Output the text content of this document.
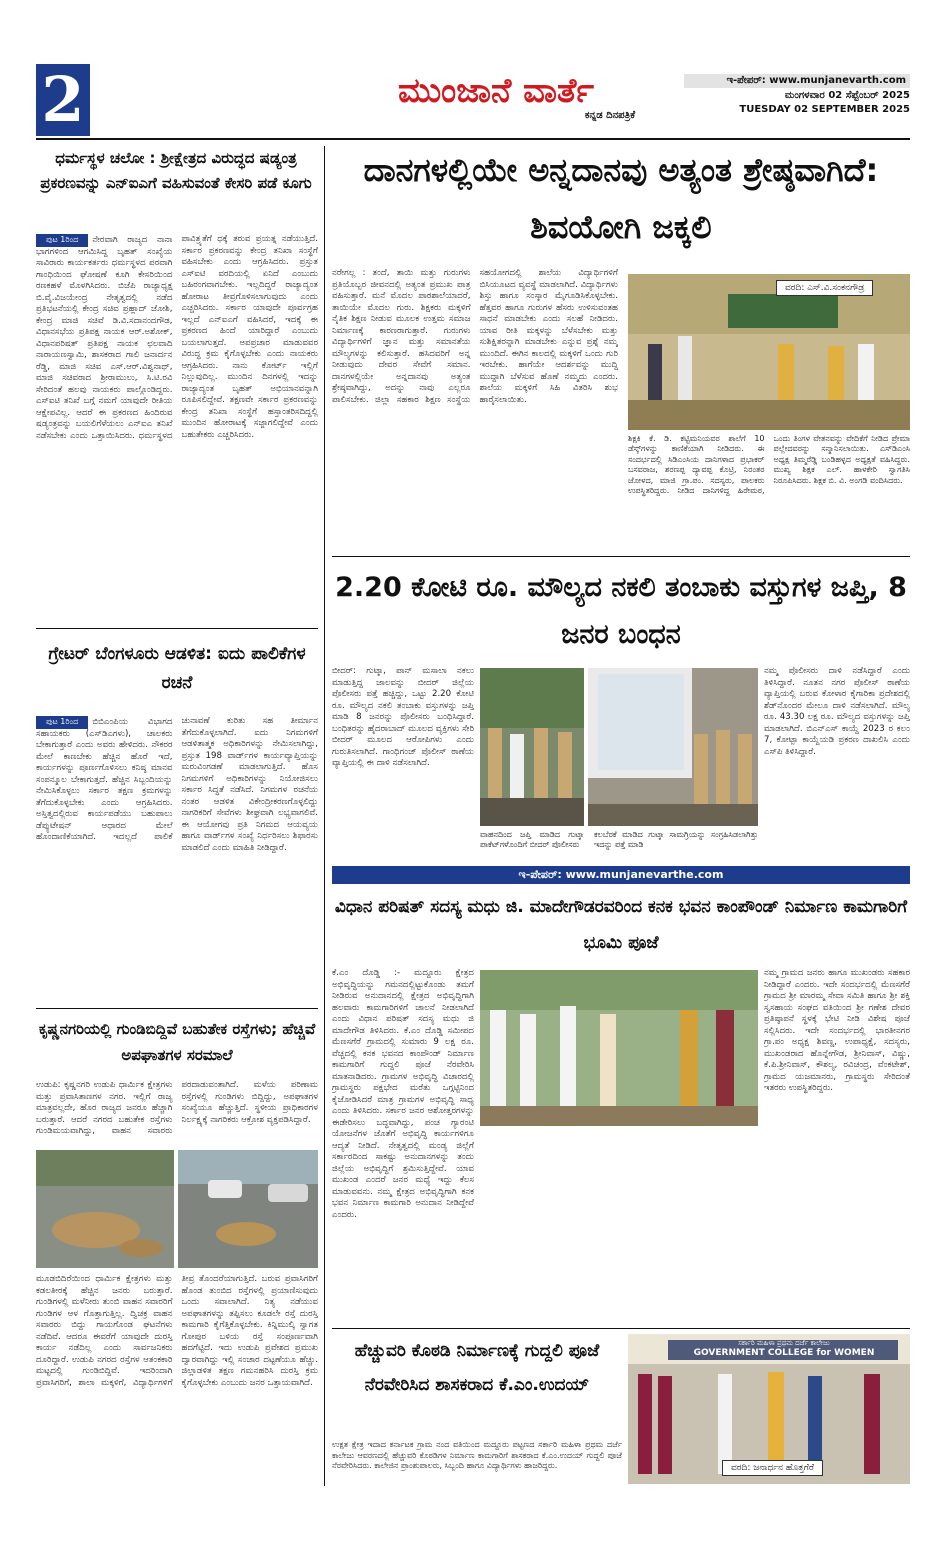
2	ಮುಂಜಾನೆ ವಾರ್ತೆ
ಕನ್ನಡ ದಿನಪತ್ರಿಕೆ
ಇ-ಪೇಪರ್: www.munjanevarth.com
ಮಂಗಳವಾರ 02 ಸೆಪ್ಟೆಂಬರ್ 2025
TUESDAY 02 SEPTEMBER 2025
ಧರ್ಮಸ್ಥಳ ಚಲೋ : ಶ್ರೀಕ್ಷೇತ್ರದ ವಿರುದ್ಧದ ಷಡ್ಯಂತ್ರ ಪ್ರಕರಣವನ್ನು ಎನ್‌ಐಎಗೆ ವಹಿಸುವಂತೆ ಕೇಸರಿ ಪಡೆ ಕೂಗು
ಪುಟ 1ರಿಂದ ನೇರವಾಗಿ ರಾಜ್ಯದ ನಾನಾ ಭಾಗಗಳಿಂದ ಆಗಮಿಸಿದ್ದ ಬೃಹತ್ ಸಂಖ್ಯೆಯ ಸಾವಿರಾರು ಕಾರ್ಯಕರ್ತರು ಧರ್ಮಸ್ಥಳದ ಪರವಾಗಿ ಗಾಂಧಿಯಿಂದ ಘೋಷಣೆ ಕೂಗಿ ಕೇಸರಿಯಿಂದ ರಣಕಹಳೆ ಮೊಳಗಿಸಿದರು. ಬಿಜೆಪಿ ರಾಜ್ಯಾಧ್ಯಕ್ಷ ಬಿ.ವೈ.ವಿಜಯೇಂದ್ರ ನೇತೃತ್ವದಲ್ಲಿ ನಡೆದ ಪ್ರತಿಭಟನೆಯಲ್ಲಿ ಕೇಂದ್ರ ಸಚಿವ ಪ್ರಹ್ಲಾದ್ ಜೋಶಿ, ಕೇಂದ್ರ ಮಾಜಿ ಸಚಿವೆ ಡಿ.ವಿ.ಸದಾನಂದಗೌಡ, ವಿಧಾನಸಭೆಯ ಪ್ರತಿಪಕ್ಷ ನಾಯಕ ಆರ್.ಅಶೋಕ್, ವಿಧಾನಪರಿಷತ್ ಪ್ರತಿಪಕ್ಷ ನಾಯಕ ಛಲವಾದಿ ನಾರಾಯಣಸ್ವಾಮಿ, ಶಾಸಕರಾದ ಗಾಲಿ ಜನಾರ್ದನ ರೆಡ್ಡಿ, ಮಾಜಿ ಸಚಿವ ಎಸ್.ಆರ್.ವಿಶ್ವನಾಥ್, ಮಾಜಿ ಸಚಿವರಾದ ಶ್ರೀರಾಮುಲು, ಸಿ.ಟಿ.ರವಿ ಸೇರಿದಂತೆ ಹಲವು ನಾಯಕರು ಪಾಲ್ಗೊಂಡಿದ್ದರು. ಎಸ್‌ಐಟಿ ತನಿಖೆ ಬಗ್ಗೆ ನಮಗೆ ಯಾವುದೇ ರೀತಿಯ ಆಕ್ಷೇಪವಿಲ್ಲ. ಆದರೆ ಈ ಪ್ರಕರಣದ ಹಿಂದಿರುವ ಷಡ್ಯಂತ್ರವನ್ನು ಬಯಲಿಗೆಳೆಯಲು ಎನ್‌ಐಎ ತನಿಖೆ ನಡೆಸಬೇಕು ಎಂದು ಒತ್ತಾಯಿಸಿದರು. ಧರ್ಮಸ್ಥಳದ ಪಾವಿತ್ರ್ಯತೆಗೆ ಧಕ್ಕೆ ತರುವ ಪ್ರಯತ್ನ ನಡೆಯುತ್ತಿದೆ. ಸರ್ಕಾರ ಪ್ರಕರಣವನ್ನು ಕೇಂದ್ರ ತನಿಖಾ ಸಂಸ್ಥೆಗೆ ವಹಿಸಬೇಕು ಎಂದು ಆಗ್ರಹಿಸಿದರು. ಪ್ರಸ್ತುತ ಎಸ್‌ಐಟಿ ವರದಿಯಲ್ಲಿ ಏನಿದೆ ಎಂಬುದು ಬಹಿರಂಗವಾಗಬೇಕು. ಇಲ್ಲದಿದ್ದರೆ ರಾಜ್ಯಾದ್ಯಂತ ಹೋರಾಟ ತೀವ್ರಗೊಳಿಸಲಾಗುವುದು ಎಂದು ಎಚ್ಚರಿಸಿದರು. ಸರ್ಕಾರ ಯಾವುದೇ ಪೂರ್ವಗ್ರಹ ಇಲ್ಲದೆ ಎನ್‌ಐಎಗೆ ವಹಿಸಿದರೆ, ಇದಕ್ಕೆ ಈ ಪ್ರಕರಣದ ಹಿಂದೆ ಯಾರಿದ್ದಾರೆ ಎಂಬುದು ಬಯಲಾಗುತ್ತದೆ. ಅಪಪ್ರಚಾರ ಮಾಡುವವರ ವಿರುದ್ಧ ಕ್ರಮ ಕೈಗೊಳ್ಳಬೇಕು ಎಂದು ನಾಯಕರು ಆಗ್ರಹಿಸಿದರು. ನಾನು ಕೋರ್ಟ್ ಇಲ್ಲಿಗೆ ನಿಲ್ಲುವುದಿಲ್ಲ. ಮುಂದಿನ ದಿನಗಳಲ್ಲಿ ಇದನ್ನು ರಾಜ್ಯಾದ್ಯಂತ ಬೃಹತ್ ಅಭಿಯಾನವನ್ನಾಗಿ ರೂಪಿಸಲಿದ್ದೇವೆ. ತಕ್ಷಣವೇ ಸರ್ಕಾರ ಪ್ರಕರಣವನ್ನು ಕೇಂದ್ರ ತನಿಖಾ ಸಂಸ್ಥೆಗೆ ಹಸ್ತಾಂತರಿಸದಿದ್ದಲ್ಲಿ ಮುಂದಿನ ಹೋರಾಟಕ್ಕೆ ಸಜ್ಜಾಗಲಿದ್ದೇವೆ ಎಂದು ಬಹುತೇಕರು ಎಚ್ಚರಿಸಿದರು.
ಗ್ರೇಟರ್ ಬೆಂಗಳೂರು ಆಡಳಿತ: ಐದು ಪಾಲಿಕೆಗಳ ರಚನೆ
ಪುಟ 1ರಿಂದ ಬಿಬಿಎಂಪಿಯ ವಿಭಾಗದ ಸಹಾಯಕರು (ಎಸ್‌ಡಿಎಗಳು), ಚಾಲಕರು ಬೇಕಾಗುತ್ತಾರೆ ಎಂದು ಅವರು ಹೇಳಿದರು. ನೌಕರರ ಮೇಲೆ ಕಾಣಬೇಕು ಹೆಚ್ಚಿನ ಹೊರೆ ಇದೆ, ಕಾರ್ಯಗಳನ್ನು ಪೂರ್ಣಗೊಳಿಸಲು ಕನಿಷ್ಠ ಮಾನವ ಸಂಪನ್ಮೂಲ ಬೇಕಾಗುತ್ತದೆ. ಹೆಚ್ಚಿನ ಸಿಬ್ಬಂದಿಯನ್ನು ನೇಮಿಸಿಕೊಳ್ಳಲು ಸರ್ಕಾರ ತಕ್ಷಣ ಕ್ರಮಗಳನ್ನು ತೆಗೆದುಕೊಳ್ಳಬೇಕು ಎಂದು ಆಗ್ರಹಿಸಿದರು. ಅಸ್ತಿತ್ವದಲ್ಲಿರುವ ಕಾರ್ಯಪಡೆಯು ಬಹುಪಾಲು ಡೆಪ್ಯುಟೇಷನ್ ಆಧಾರದ ಮೇಲೆ ಹೊಂದಾಣಿಕೆಯಾಗಿದೆ. ಇದಲ್ಲದೆ ಪಾಲಿಕೆ ಚುನಾವಣೆ ಕುರಿತು ಸಹ ತೀರ್ಮಾನ ತೆಗೆದುಕೊಳ್ಳಲಾಗಿದೆ. ಐದು ನಿಗಮಗಳಿಗೆ ಆಡಳಿತಾತ್ಮಕ ಅಧಿಕಾರಿಗಳನ್ನು ನೇಮಿಸಲಾಗಿದ್ದು, ಪ್ರಸ್ತುತ 198 ವಾರ್ಡ್‌ಗಳ ಕಾರ್ಯವ್ಯಾಪ್ತಿಯನ್ನು ಮರುವಿಂಗಡಣೆ ಮಾಡಲಾಗುತ್ತಿದೆ. ಹೊಸ ನಿಗಮಗಳಿಗೆ ಅಧಿಕಾರಿಗಳನ್ನು ನಿಯೋಜಿಸಲು ಸರ್ಕಾರ ಸಿದ್ಧತೆ ನಡೆಸಿದೆ. ನಿಗಮಗಳ ರಚನೆಯ ನಂತರ ಆಡಳಿತ ವಿಕೇಂದ್ರೀಕರಣಗೊಳ್ಳಲಿದ್ದು ನಾಗರಿಕರಿಗೆ ಸೇವೆಗಳು ಶೀಘ್ರವಾಗಿ ಲಭ್ಯವಾಗಲಿವೆ. ಈ ಆಯೋಗವು ಪ್ರತಿ ನಿಗಮದ ಆಯವ್ಯಯ ಹಾಗೂ ವಾರ್ಡ್‌ಗಳ ಸಂಖ್ಯೆ ನಿರ್ಧರಿಸಲು ಶಿಫಾರಸು ಮಾಡಲಿದೆ ಎಂದು ಮಾಹಿತಿ ನೀಡಿದ್ದಾರೆ.
ಕೃಷ್ಣನಗರಿಯಲ್ಲಿ ಗುಂಡಿಬಿದ್ದಿವೆ ಬಹುತೇಕ ರಸ್ತೆಗಳು; ಹೆಚ್ಚಿವೆ ಅಪಘಾತಗಳ ಸರಮಾಲೆ
ಉಡುಪಿ: ಕೃಷ್ಣನಗರಿ ಉಡುಪಿ ಧಾರ್ಮಿಕ ಕ್ಷೇತ್ರಗಳು ಮತ್ತು ಪ್ರವಾಸಿತಾಣಗಳ ನಗರ. ಇಲ್ಲಿಗೆ ರಾಜ್ಯ ಮಾತ್ರವಲ್ಲದೇ, ಹೊರ ರಾಜ್ಯದ ಜನರೂ ಹೆಚ್ಚಾಗಿ ಬರುತ್ತಾರೆ. ಆದರೆ ನಗರದ ಬಹುತೇಕ ರಸ್ತೆಗಳು ಗುಂಡಿಮಯವಾಗಿದ್ದು, ವಾಹನ ಸವಾರರು ಪರದಾಡುವಂತಾಗಿದೆ. ಮಳೆಯ ಪರಿಣಾಮ ರಸ್ತೆಗಳಲ್ಲಿ ಗುಂಡಿಗಳು ಬಿದ್ದಿದ್ದು, ಅಪಘಾತಗಳ ಸಂಖ್ಯೆಯೂ ಹೆಚ್ಚುತ್ತಿದೆ. ಸ್ಥಳೀಯ ಪ್ರಾಧಿಕಾರಗಳ ನಿರ್ಲಕ್ಷ್ಯಕ್ಕೆ ನಾಗರಿಕರು ಆಕ್ರೋಶ ವ್ಯಕ್ತಪಡಿಸಿದ್ದಾರೆ.
ಮೂಡಬಿದಿರೆಯಿಂದ ಧಾರ್ಮಿಕ ಕ್ಷೇತ್ರಗಳು ಮತ್ತು ಕಡಲತೀರಕ್ಕೆ ಹೆಚ್ಚಿನ ಜನರು ಬರುತ್ತಾರೆ. ಗುಂಡಿಗಳಲ್ಲಿ ಮಳೆನೀರು ತುಂಬಿ ವಾಹನ ಸವಾರರಿಗೆ ಗುಂಡಿಗಳ ಆಳ ಗೊತ್ತಾಗುತ್ತಿಲ್ಲ. ದ್ವಿಚಕ್ರ ವಾಹನ ಸವಾರರು ಬಿದ್ದು ಗಾಯಗೊಂಡ ಘಟನೆಗಳು ನಡೆದಿವೆ. ಆದರೂ ಈವರೆಗೆ ಯಾವುದೇ ದುರಸ್ತಿ ಕಾರ್ಯ ನಡೆದಿಲ್ಲ ಎಂದು ಸಾರ್ವಜನಿಕರು ದೂರಿದ್ದಾರೆ. ಉಡುಪಿ ನಗರದ ರಸ್ತೆಗಳ ಆತಂಕಕಾರಿ ಮಟ್ಟದಲ್ಲಿ ಗುಂಡಿಬಿದ್ದಿವೆ. ಇದರಿಂದಾಗಿ ಪ್ರವಾಸಿಗರಿಗೆ, ಶಾಲಾ ಮಕ್ಕಳಿಗೆ, ವಿದ್ಯಾರ್ಥಿಗಳಿಗೆ ತೀವ್ರ ತೊಂದರೆಯಾಗುತ್ತಿದೆ. ಬರುವ ಪ್ರವಾಸಿಗರಿಗೆ ಹೊಂಡ ತುಂಬಿದ ರಸ್ತೆಗಳಲ್ಲಿ ಪ್ರಯಾಣಿಸುವುದು ಒಂದು ಸವಾಲಾಗಿದೆ. ನಿತ್ಯ ನಡೆಯುವ ಅಪಘಾತಗಳನ್ನು ತಪ್ಪಿಸಲು ಕೂಡಲೇ ರಸ್ತೆ ದುರಸ್ತಿ ಕಾಮಗಾರಿ ಕೈಗೆತ್ತಿಕೊಳ್ಳಬೇಕು. ಕಿನ್ನಿಮುಲ್ಕಿ ಸ್ವಾಗತ ಗೋಪುರ ಬಳಿಯ ರಸ್ತೆ ಸಂಪೂರ್ಣವಾಗಿ ಹದಗೆಟ್ಟಿದೆ. ಇದು ಉಡುಪಿ ಪ್ರವೇಶದ ಪ್ರಮುಖ ದ್ವಾರವಾಗಿದ್ದು ಇಲ್ಲಿ ಸಂಚಾರ ದಟ್ಟಣೆಯೂ ಹೆಚ್ಚು. ಜಿಲ್ಲಾಡಳಿತ ತಕ್ಷಣ ಗಮನಹರಿಸಿ ದುರಸ್ತಿ ಕ್ರಮ ಕೈಗೊಳ್ಳಬೇಕು ಎಂಬುದು ಜನರ ಒತ್ತಾಯವಾಗಿದೆ.
ದಾನಗಳಲ್ಲಿಯೇ ಅನ್ನದಾನವು ಅತ್ಯಂತ ಶ್ರೇಷ್ಠವಾಗಿದೆ: ಶಿವಯೋಗಿ ಜಕ್ಕಲಿ
ನರೇಗಲ್ಲ : ತಂದೆ, ತಾಯಿ ಮತ್ತು ಗುರುಗಳು ಪ್ರತಿಯೊಬ್ಬರ ಜೀವನದಲ್ಲಿ ಅತ್ಯಂತ ಪ್ರಮುಖ ಪಾತ್ರ ವಹಿಸುತ್ತಾರೆ. ಮನೆ ಮೊದಲ ಪಾಠಶಾಲೆಯಾದರೆ, ತಾಯಿಯೇ ಮೊದಲ ಗುರು. ಶಿಕ್ಷಕರು ಮಕ್ಕಳಿಗೆ ನೈತಿಕ ಶಿಕ್ಷಣ ನೀಡುವ ಮೂಲಕ ಉತ್ತಮ ಸಮಾಜ ನಿರ್ಮಾಣಕ್ಕೆ ಕಾರಣರಾಗುತ್ತಾರೆ. ಗುರುಗಳು ವಿದ್ಯಾರ್ಥಿಗಳಿಗೆ ಜ್ಞಾನ ಮತ್ತು ಸಮಾನತೆಯ ಮೌಲ್ಯಗಳನ್ನು ಕಲಿಸುತ್ತಾರೆ. ಹಸಿದವರಿಗೆ ಅನ್ನ ನೀಡುವುದು ದೇವರ ಸೇವೆಗೆ ಸಮಾನ. ದಾನಗಳಲ್ಲಿಯೇ ಅನ್ನದಾನವು ಅತ್ಯಂತ ಶ್ರೇಷ್ಠವಾಗಿದ್ದು, ಅದನ್ನು ನಾವು ಎಲ್ಲರೂ ಪಾಲಿಸಬೇಕು. ಜಿಲ್ಲಾ ಸಹಕಾರ ಶಿಕ್ಷಣ ಸಂಸ್ಥೆಯ ಸಹಯೋಗದಲ್ಲಿ ಶಾಲೆಯ ವಿದ್ಯಾರ್ಥಿಗಳಿಗೆ ಬಿಸಿಯೂಟದ ವ್ಯವಸ್ಥೆ ಮಾಡಲಾಗಿದೆ. ವಿದ್ಯಾರ್ಥಿಗಳು ಶಿಸ್ತು ಹಾಗೂ ಸಂಸ್ಕಾರ ಮೈಗೂಡಿಸಿಕೊಳ್ಳಬೇಕು. ಹೆತ್ತವರ ಹಾಗೂ ಗುರುಗಳ ಹೆಸರು ಉಳಿಸುವಂತಹ ಸಾಧನೆ ಮಾಡಬೇಕು ಎಂದು ಸಲಹೆ ನೀಡಿದರು. ಯಾವ ರೀತಿ ಮಕ್ಕಳನ್ನು ಬೆಳೆಸಬೇಕು ಮತ್ತು ಸುಶಿಕ್ಷಿತರನ್ನಾಗಿ ಮಾಡಬೇಕು ಎನ್ನುವ ಪ್ರಶ್ನೆ ನಮ್ಮ ಮುಂದಿದೆ. ಈಗಿನ ಕಾಲದಲ್ಲಿ ಮಕ್ಕಳಿಗೆ ಒಂದು ಗುರಿ ಇರಬೇಕು. ಹಾಗೆಯೇ ಆದರ್ಶವನ್ನು ಮುದ್ದಿ ಮುದ್ದಾಗಿ ಬೆಳೆಸುವ ಹೊಣೆ ನಮ್ಮದು ಎಂದರು. ಶಾಲೆಯ ಮಕ್ಕಳಿಗೆ ಸಿಹಿ ವಿತರಿಸಿ ಶುಭ ಹಾರೈಸಲಾಯಿತು.
ವರದಿ: ಎಸ್.ವಿ.ಸಂಕನಗೌಡ್ರ
ಶಿಕ್ಷಕಿ ಕೆ. ಡಿ. ಕಟ್ಟಿಮನಿಯವರ ಶಾಲೆಗೆ 10 ಡೆಸ್ಕ್‌ಗಳನ್ನು ಕಾಣಿಕೆಯಾಗಿ ನೀಡಿದರು. ಈ ಸಂದರ್ಭದಲ್ಲಿ ಸಿಡಿಎಂಸಿಯ ದಾನಿಗಳಾದ ಪ್ರಭಾಕರ್ ಬಸವರಾಜ, ಶರಣಪ್ಪ ದ್ಯಾವಪ್ಪ ಕೊಟ್ರಿ, ನಿರಂತರ ಜೋಳದ, ಮಾಜಿ ಗ್ರಾ.ಪಂ. ಸದಸ್ಯರು, ಪಾಲಕರು ಉಪಸ್ಥಿತರಿದ್ದರು. ನೀಡಿದ ದಾನಿಗಳಿದ್ದ ಹಿರೇಮಠ, ಒಂದು ತಿಂಗಳ ವೇತನವನ್ನು ವೇದಿಕೆಗೆ ನೀಡಿದ ಪ್ರೇಮಾ ಪಲ್ಲೇದವರನ್ನು ಸನ್ಮಾನಿಸಲಾಯಿತು. ಎಸ್‌ಡಿಎಂಸಿ ಅಧ್ಯಕ್ಷ ತಿಮ್ಮರೆಡ್ಡಿ ಬಂಡಿಹಳ್ಳದ ಅಧ್ಯಕ್ಷತೆ ವಹಿಸಿದ್ದರು. ಮುಖ್ಯ ಶಿಕ್ಷಕ ಎಲ್. ಹಾಳಕೇರಿ ಸ್ವಾಗತಿಸಿ ನಿರೂಪಿಸಿದರು. ಶಿಕ್ಷಕ ಬಿ. ವಿ. ಅಂಗಡಿ ವಂದಿಸಿದರು.
2.20 ಕೋಟಿ ರೂ. ಮೌಲ್ಯದ ನಕಲಿ ತಂಬಾಕು ವಸ್ತುಗಳ ಜಪ್ತಿ, 8 ಜನರ ಬಂಧನ
ಬೀದರ್: ಗುಟ್ಕಾ, ಪಾನ್ ಮಸಾಲಾ ನಕಲು ಮಾಡುತ್ತಿದ್ದ ಜಾಲವನ್ನು ಬೀದರ್ ಜಿಲ್ಲೆಯ ಪೊಲೀಸರು ಪತ್ತೆ ಹಚ್ಚಿದ್ದು, ಒಟ್ಟು 2.20 ಕೋಟಿ ರೂ. ಮೌಲ್ಯದ ನಕಲಿ ತಂಬಾಕು ವಸ್ತುಗಳನ್ನು ಜಪ್ತಿ ಮಾಡಿ 8 ಜನರನ್ನು ಪೊಲೀಸರು ಬಂಧಿಸಿದ್ದಾರೆ. ಬಂಧಿತರನ್ನು ಹೈದರಾಬಾದ್ ಮೂಲದ ವ್ಯಕ್ತಿಗಳು ಸೇರಿ ಬೀದರ್ ಮೂಲದ ಆರೋಪಿಗಳು ಎಂದು ಗುರುತಿಸಲಾಗಿದೆ. ಗಾಂಧಿಗಂಜ್ ಪೊಲೀಸ್ ಠಾಣೆಯ ವ್ಯಾಪ್ತಿಯಲ್ಲಿ ಈ ದಾಳಿ ನಡೆಸಲಾಗಿದೆ.
ವಾಹನದಿಂದ ಜಪ್ತಿ ಮಾಡಿದ ಗುಟ್ಕಾ ಪಾಕೆಟ್‌ಗಳೊಂದಿಗೆ ಬೀದರ್ ಪೊಲೀಸರು
ಕಲಬೆರಕೆ ಮಾಡಿದ ಗುಟ್ಕಾ ಸಾಮಗ್ರಿಯನ್ನು ಸಂಗ್ರಹಿಸಿಡಲಾಗಿತ್ತು ಇದನ್ನು ಪತ್ತೆ ಮಾಡಿ
ನಮ್ಮ ಪೊಲೀಸರು ದಾಳಿ ನಡೆಸಿದ್ದಾರೆ ಎಂದು ತಿಳಿಸಿದ್ದಾರೆ. ನೂತನ ನಗರ ಪೊಲೀಸ್ ಠಾಣೆಯ ವ್ಯಾಪ್ತಿಯಲ್ಲಿ ಬರುವ ಕೋಳಾರ ಕೈಗಾರಿಕಾ ಪ್ರದೇಶದಲ್ಲಿ ಶೆಡ್‌ನೊಂದರ ಮೇಲೂ ದಾಳಿ ನಡೆಸಲಾಗಿದೆ. ಮೌಲ್ಯ ರೂ. 43.30 ಲಕ್ಷ ರೂ. ಮೌಲ್ಯದ ವಸ್ತುಗಳನ್ನು ಜಪ್ತಿ ಮಾಡಲಾಗಿದೆ. ಬಿಎನ್‌ಎಸ್ ಕಾಯ್ದೆ 2023 ರ ಕಲಂ 7, ಕೋಟ್ಪಾ ಕಾಯ್ದೆಯಡಿ ಪ್ರಕರಣ ದಾಖಲಿಸಿ ಎಂದು ಎಸ್‌ಪಿ ತಿಳಿಸಿದ್ದಾರೆ.
ಇ-ಪೇಪರ್: www.munjanevarthe.com
ವಿಧಾನ ಪರಿಷತ್ ಸದಸ್ಯ ಮಧು ಜಿ. ಮಾದೇಗೌಡರವರಿಂದ ಕನಕ ಭವನ ಕಾಂಪೌಂಡ್ ನಿರ್ಮಾಣ ಕಾಮಗಾರಿಗೆ ಭೂಮಿ ಪೂಜೆ
ಕೆ.ಎಂ ದೊಡ್ಡಿ :- ಮದ್ದೂರು ಕ್ಷೇತ್ರದ ಅಭಿವೃದ್ಧಿಯನ್ನು ಗಮನದಲ್ಲಿಟ್ಟುಕೊಂಡು ತಮಗೆ ನೀಡಿರುವ ಅನುದಾನದಲ್ಲಿ ಕ್ಷೇತ್ರದ ಅಭಿವೃದ್ಧಿಗಾಗಿ ಹಲವಾರು ಕಾಮಗಾರಿಗಳಿಗೆ ಚಾಲನೆ ನೀಡಲಾಗಿದೆ ಎಂದು ವಿಧಾನ ಪರಿಷತ್ ಸದಸ್ಯ ಮಧು ಜಿ ಮಾದೇಗೌಡ ತಿಳಿಸಿದರು. ಕೆ.ಎಂ ದೊಡ್ಡಿ ಸಮೀಪದ ಮೆಣಸಗೆರೆ ಗ್ರಾಮದಲ್ಲಿ ಸುಮಾರು 9 ಲಕ್ಷ ರೂ. ವೆಚ್ಚದಲ್ಲಿ ಕನಕ ಭವನದ ಕಾಂಪೌಂಡ್ ನಿರ್ಮಾಣ ಕಾಮಗಾರಿಗೆ ಗುದ್ದಲಿ ಪೂಜೆ ನೆರವೇರಿಸಿ ಮಾತನಾಡಿದರು. ಗ್ರಾಮಗಳ ಅಭಿವೃದ್ಧಿ ವಿಚಾರದಲ್ಲಿ ಗ್ರಾಮಸ್ಥರು ಪಕ್ಷಭೇದ ಮರೆತು ಒಗ್ಗಟ್ಟಿನಿಂದ ಕೈಜೋಡಿಸಿದರೆ ಮಾತ್ರ ಗ್ರಾಮಗಳ ಅಭಿವೃದ್ಧಿ ಸಾಧ್ಯ ಎಂದು ತಿಳಿಸಿದರು. ಸರ್ಕಾರ ಜನರ ಆಶೋತ್ತರಗಳನ್ನು ಈಡೇರಿಸಲು ಬದ್ಧವಾಗಿದ್ದು, ಪಂಚ ಗ್ಯಾರಂಟಿ ಯೋಜನೆಗಳ ಜೊತೆಗೆ ಅಭಿವೃದ್ಧಿ ಕಾರ್ಯಗಳಿಗೂ ಆದ್ಯತೆ ನೀಡಿದೆ. ನೇತೃತ್ವದಲ್ಲಿ ಮಂಡ್ಯ ಜಿಲ್ಲೆಗೆ ಸರ್ಕಾರದಿಂದ ಸಾಕಷ್ಟು ಅನುದಾನಗಳನ್ನು ತಂದು ಜಿಲ್ಲೆಯ ಅಭಿವೃದ್ಧಿಗೆ ಶ್ರಮಿಸುತ್ತಿದ್ದೇವೆ. ಯಾವ ಮುಖಂಡ ಎಂದರೆ ಜನರ ಮಧ್ಯೆ ಇದ್ದು ಕೆಲಸ ಮಾಡುವವನು. ನಮ್ಮ ಕ್ಷೇತ್ರದ ಅಭಿವೃದ್ಧಿಗಾಗಿ ಕನಕ ಭವನ ನಿರ್ಮಾಣ ಕಾಮಗಾರಿ ಅನುದಾನ ನೀಡಿದ್ದೇವೆ ಎಂದರು.
ನಮ್ಮ ಗ್ರಾಮದ ಜನರು ಹಾಗೂ ಮುಖಂಡರು ಸಹಕಾರ ನೀಡಿದ್ದಾರೆ ಎಂದರು. ಇದೇ ಸಂದರ್ಭದಲ್ಲಿ ಮೆಣಸಗೆರೆ ಗ್ರಾಮದ ಶ್ರೀ ಮಾರಮ್ಮ ಸೇವಾ ಸಮಿತಿ ಹಾಗೂ ಶ್ರೀ ಶಕ್ತಿ ಸ್ವಸಹಾಯ ಸಂಘದ ವತಿಯಿಂದ ಶ್ರೀ ಗಣೇಶ ದೇವರ ಪ್ರತಿಷ್ಠಾಪನೆ ಸ್ಥಳಕ್ಕೆ ಭೇಟಿ ನೀಡಿ ವಿಶೇಷ ಪೂಜೆ ಸಲ್ಲಿಸಿದರು. ಇದೇ ಸಂದರ್ಭದಲ್ಲಿ ಭಾರತೀನಗರ ಗ್ರಾ.ಪಂ ಅಧ್ಯಕ್ಷ ಶಿವಣ್ಣ, ಉಪಾಧ್ಯಕ್ಷೆ, ಸದಸ್ಯರು, ಮುಖಂಡರಾದ ಹೊನ್ನೇಗೌಡ, ಶ್ರೀನಿವಾಸ್, ವಿಷ್ಣು, ಕೆ.ಪಿ.ಶ್ರೀನಿವಾಸ್, ಕೌಶಲ್ಯ, ರವಿಚಂದ್ರ, ವೆಂಕಟೇಶ್, ಗ್ರಾಮದ ಯಜಮಾನರು, ಗ್ರಾಮಸ್ಥರು ಸೇರಿದಂತೆ ಇತರರು ಉಪಸ್ಥಿತರಿದ್ದರು.
ಹೆಚ್ಚುವರಿ ಕೊಠಡಿ ನಿರ್ಮಾಣಕ್ಕೆ ಗುದ್ದಲಿ ಪೂಜೆ ನೆರವೇರಿಸಿದ ಶಾಸಕರಾದ ಕೆ.ಎಂ.ಉದಯ್
ಉಕ್ಷತ ಕ್ಷೇತ್ರ ಇದಾದ ಕರ್ನಾಟಕ ಗ್ರಾಮ ನಂದ ವತಿಯಿಂದ ಮದ್ದೂರು ಪಟ್ಟಣದ ಸರ್ಕಾರಿ ಮಹಿಳಾ ಪ್ರಥಮ ದರ್ಜೆ ಕಾಲೇಜು ಆವರಣದಲ್ಲಿ ಹೆಚ್ಚುವರಿ ಕೊಠಡಿಗಳ ನಿರ್ಮಾಣ ಕಾಮಗಾರಿಗೆ ಶಾಸಕರಾದ ಕೆ.ಎಂ.ಉದಯ್ ಗುದ್ದಲಿ ಪೂಜೆ ನೆರವೇರಿಸಿದರು. ಕಾಲೇಜಿನ ಪ್ರಾಂಶುಪಾಲರು, ಸಿಬ್ಬಂದಿ ಹಾಗೂ ವಿದ್ಯಾರ್ಥಿಗಳು ಹಾಜರಿದ್ದರು.
ಸರ್ಕಾರಿ ಮಹಿಳಾ ಪ್ರಥಮ ದರ್ಜೆ ಕಾಲೇಜು
GOVERNMENT COLLEGE for WOMEN
ವರದಿ: ಜನಾರ್ಧನ ಹೊತ್ತಗೆರೆ
